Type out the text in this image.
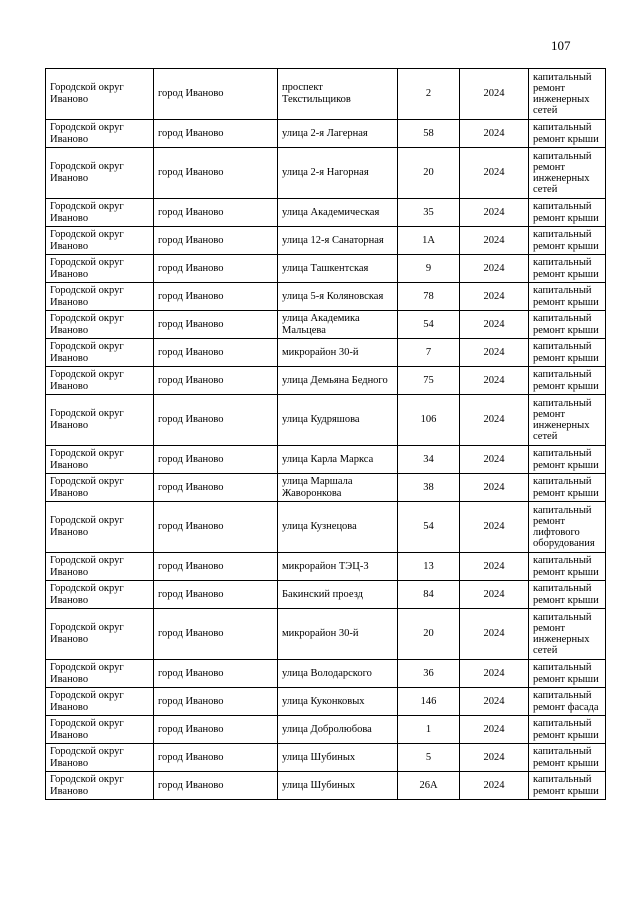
107
Городской округ Иваново	город Иваново	проспект Текстильщиков	2	2024	капитальный ремонт инженерных сетей
Городской округ Иваново	город Иваново	улица 2-я Лагерная	58	2024	капитальный ремонт крыши
Городской округ Иваново	город Иваново	улица 2-я Нагорная	20	2024	капитальный ремонт инженерных сетей
Городской округ Иваново	город Иваново	улица Академическая	35	2024	капитальный ремонт крыши
Городской округ Иваново	город Иваново	улица 12-я Санаторная	1А	2024	капитальный ремонт крыши
Городской округ Иваново	город Иваново	улица Ташкентская	9	2024	капитальный ремонт крыши
Городской округ Иваново	город Иваново	улица 5-я Коляновская	78	2024	капитальный ремонт крыши
Городской округ Иваново	город Иваново	улица Академика Мальцева	54	2024	капитальный ремонт крыши
Городской округ Иваново	город Иваново	микрорайон 30-й	7	2024	капитальный ремонт крыши
Городской округ Иваново	город Иваново	улица Демьяна Бедного	75	2024	капитальный ремонт крыши
Городской округ Иваново	город Иваново	улица Кудряшова	106	2024	капитальный ремонт инженерных сетей
Городской округ Иваново	город Иваново	улица Карла Маркса	34	2024	капитальный ремонт крыши
Городской округ Иваново	город Иваново	улица Маршала Жаворонкова	38	2024	капитальный ремонт крыши
Городской округ Иваново	город Иваново	улица Кузнецова	54	2024	капитальный ремонт лифтового оборудования
Городской округ Иваново	город Иваново	микрорайон ТЭЦ-3	13	2024	капитальный ремонт крыши
Городской округ Иваново	город Иваново	Бакинский проезд	84	2024	капитальный ремонт крыши
Городской округ Иваново	город Иваново	микрорайон 30-й	20	2024	капитальный ремонт инженерных сетей
Городской округ Иваново	город Иваново	улица Володарского	36	2024	капитальный ремонт крыши
Городской округ Иваново	город Иваново	улица Куконковых	146	2024	капитальный ремонт фасада
Городской округ Иваново	город Иваново	улица Добролюбова	1	2024	капитальный ремонт крыши
Городской округ Иваново	город Иваново	улица Шубиных	5	2024	капитальный ремонт крыши
Городской округ Иваново	город Иваново	улица Шубиных	26А	2024	капитальный ремонт крыши
